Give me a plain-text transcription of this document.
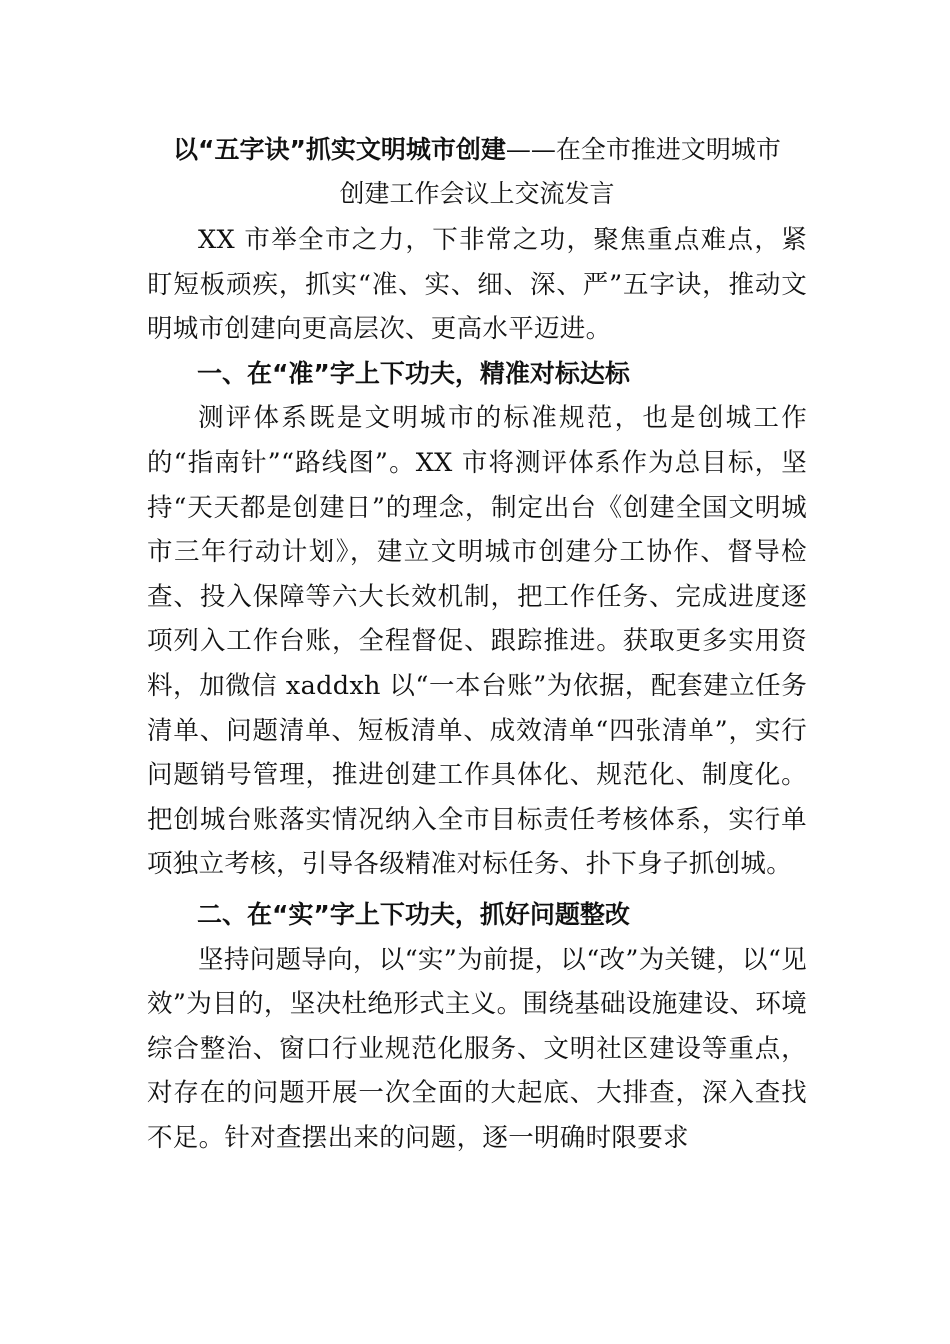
以“五字诀”抓实文明城市创建——在全市推进文明城市

创建工作会议上交流发言

XX 市举全市之力，下非常之功，聚焦重点难点，紧盯短板顽疾，抓实“准、实、细、深、严”五字诀，推动文明城市创建向更高层次、更高水平迈进。

一、在“准”字上下功夫，精准对标达标

测评体系既是文明城市的标准规范，也是创城工作的“指南针”“路线图”。XX 市将测评体系作为总目标，坚持“天天都是创建日”的理念，制定出台《创建全国文明城市三年行动计划》，建立文明城市创建分工协作、督导检查、投入保障等六大长效机制，把工作任务、完成进度逐项列入工作台账，全程督促、跟踪推进。获取更多实用资料，加微信 xaddxh 以“一本台账”为依据，配套建立任务清单、问题清单、短板清单、成效清单“四张清单”，实行问题销号管理，推进创建工作具体化、规范化、制度化。把创城台账落实情况纳入全市目标责任考核体系，实行单项独立考核，引导各级精准对标任务、扑下身子抓创城。

二、在“实”字上下功夫，抓好问题整改

坚持问题导向，以“实”为前提，以“改”为关键，以“见效”为目的，坚决杜绝形式主义。围绕基础设施建设、环境综合整治、窗口行业规范化服务、文明社区建设等重点，对存在的问题开展一次全面的大起底、大排查，深入查找不足。针对查摆出来的问题，逐一明确时限要求
